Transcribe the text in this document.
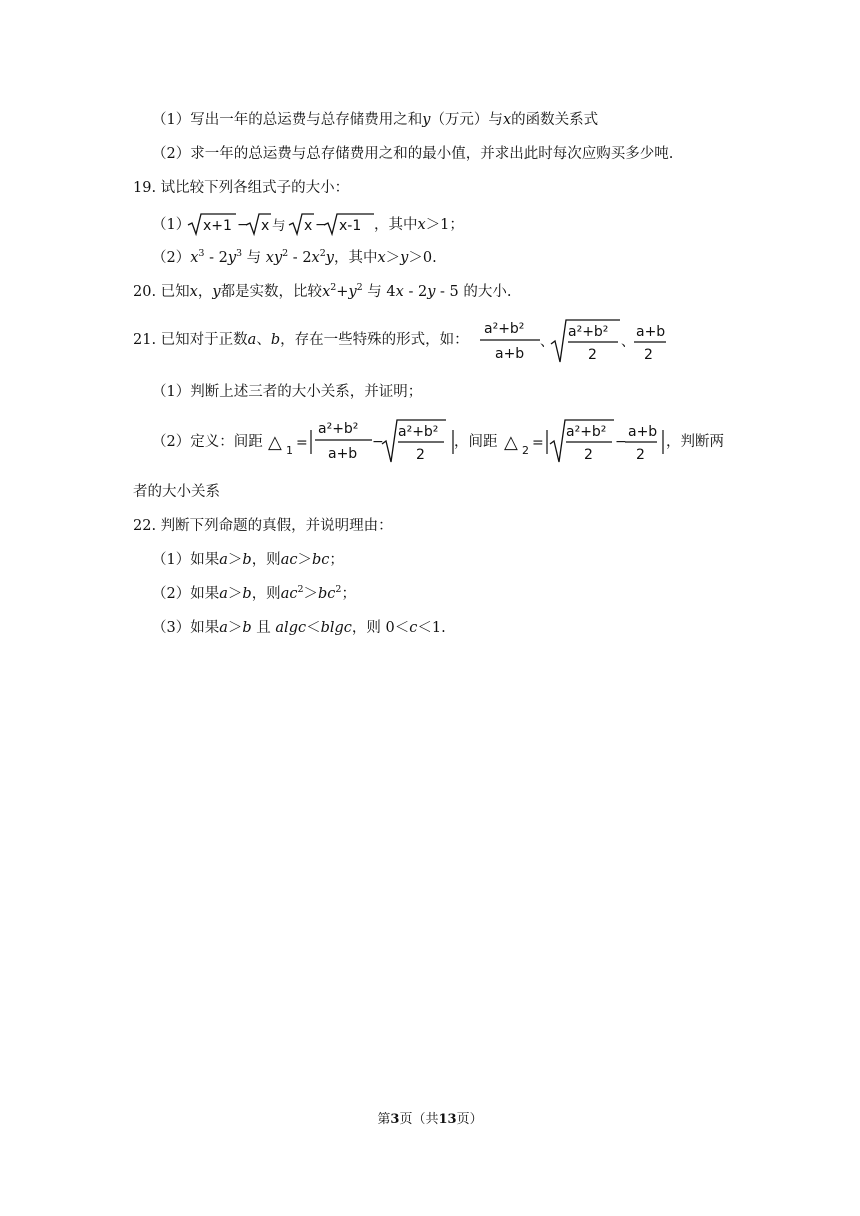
（1）写出一年的总运费与总存储费用之和y（万元）与x的函数关系式
（2）求一年的总运费与总存储费用之和的最小值，并求出此时每次应购买多少吨.
19. 试比较下列各组式子的大小：
（1） x+1 − x 与 x − x-1 ，其中x＞1；
$(2)x^3 - 2y^3$ 与 $xy^2 - 2x^2y$，其中x＞y＞0.
20. 已知x，y都是实数，比较$x^2+y^2$ 与 4x - 2y - 5 的大小.
21. 已知对于正数a、b，存在一些特殊的形式，如：
a²+b²
a+b
、
a²+b²
2
、
a+b
2
（1）判断上述三者的大小关系，并证明；
（2）定义：间距 △ 1 =
a²+b²
a+b
−
a²+b²
2
△ 2 =
a²+b²
2
−
a+b
2
，间距	，判断两
者的大小关系
22. 判断下列命题的真假，并说明理由：
（1）如果a＞b，则ac＞bc；
（2）如果a＞b，则$ac^2>bc^2$；
（3）如果a＞b 且 algc＜blgc，则 0＜c＜1.
第3页（共13页）
